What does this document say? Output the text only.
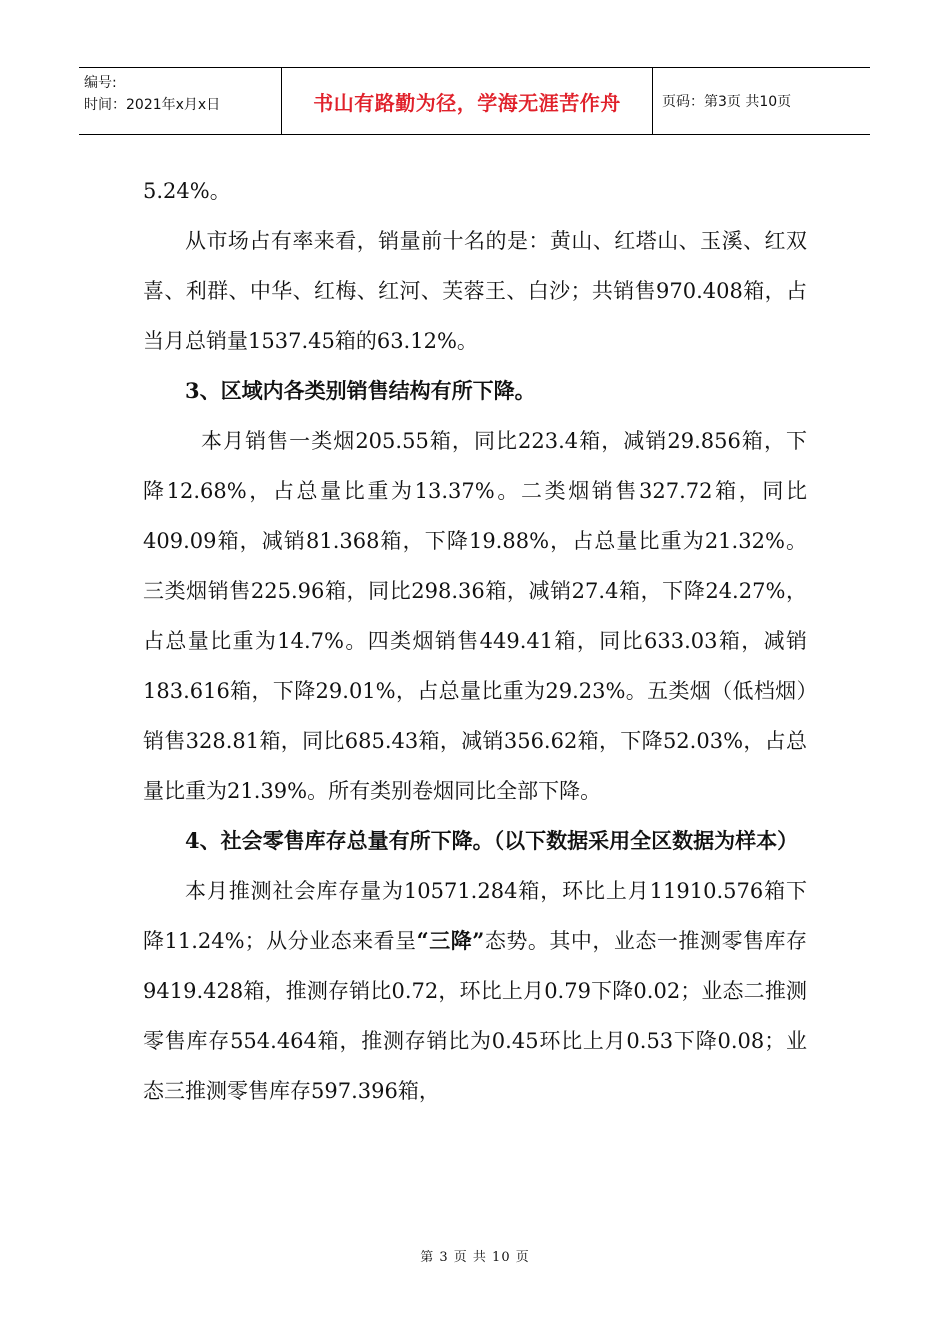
编号:
时间：2021年x月x日	书山有路勤为径，学海无涯苦作舟	页码：第3页 共10页

5.24%。

从市场占有率来看，销量前十名的是：黄山、红塔山、玉溪、红双喜、利群、中华、红梅、红河、芙蓉王、白沙；共销售970.408箱，占当月总销量1537.45箱的63.12%。

3、区域内各类别销售结构有所下降。

本月销售一类烟205.55箱，同比223.4箱，减销29.856箱，下降12.68%，占总量比重为13.37%。二类烟销售327.72箱，同比409.09箱，减销81.368箱，下降19.88%，占总量比重为21.32%。三类烟销售225.96箱，同比298.36箱，减销27.4箱，下降24.27%，占总量比重为14.7%。四类烟销售449.41箱，同比633.03箱，减销183.616箱，下降29.01%，占总量比重为29.23%。五类烟（低档烟）销售328.81箱，同比685.43箱，减销356.62箱，下降52.03%，占总量比重为21.39%。所有类别卷烟同比全部下降。

4、社会零售库存总量有所下降。（以下数据采用全区数据为样本）

本月推测社会库存量为10571.284箱，环比上月11910.576箱下降11.24%；从分业态来看呈“三降”态势。其中，业态一推测零售库存9419.428箱，推测存销比0.72，环比上月0.79下降0.02；业态二推测零售库存554.464箱，推测存销比为0.45环比上月0.53下降0.08；业态三推测零售库存597.396箱，

第 3 页 共 10 页
